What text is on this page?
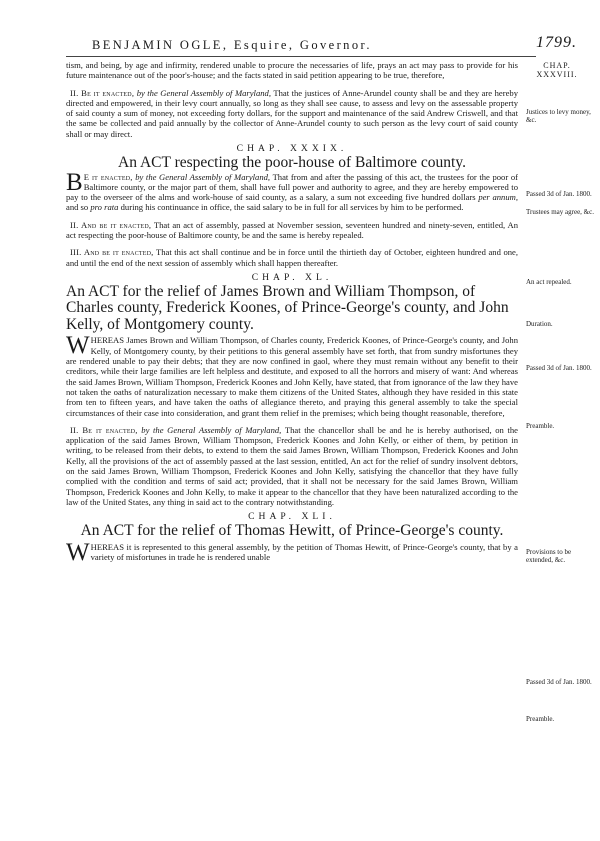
BENJAMIN OGLE, Esquire, Governor.	1799.
CHAP. XXXVIII.
Justices to levy money, &c.
Passed 3d of Jan. 1800.
Trustees may agree, &c.
An act repealed.
Duration.
Passed 3d of Jan. 1800.
Preamble.
Provisions to be extended, &c.
Passed 3d of Jan. 1800.
Preamble.

tism, and being, by age and infirmity, rendered unable to procure the necessaries of life, prays an act may pass to provide for his future maintenance out of the poor's-house; and the facts stated in said petition appearing to be true, therefore,

II. Be it enacted, by the General Assembly of Maryland, That the justices of Anne-Arundel county shall be and they are hereby directed and empowered, in their levy court annually, so long as they shall see cause, to assess and levy on the assessable property of said county a sum of money, not exceeding forty dollars, for the support and maintenance of the said Andrew Criswell, and that the same be collected and paid annually by the collector of Anne-Arundel county to such person as the levy court of said county shall or may direct.

CHAP. XXXIX.
An ACT respecting the poor-house of Baltimore county.

B E it enacted, by the General Assembly of Maryland, That from and after the passing of this act, the trustees for the poor of Baltimore county, or the major part of them, shall have full power and authority to agree, and they are hereby empowered to pay to the overseer of the alms and work-house of said county, as a salary, a sum not exceeding five hundred dollars per annum, and so pro rata during his continuance in office, the said salary to be in full for all services by him to be performed.

II. And be it enacted, That an act of assembly, passed at November session, seventeen hundred and ninety-seven, entitled, An act respecting the poor-house of Baltimore county, be and the same is hereby repealed.

III. And be it enacted, That this act shall continue and be in force until the thirtieth day of October, eighteen hundred and one, and until the end of the next session of assembly which shall happen thereafter.

CHAP. XL.
An ACT for the relief of James Brown and William Thompson, of Charles county, Frederick Koones, of Prince-George's county, and John Kelly, of Montgomery county.

WHEREAS James Brown and William Thompson, of Charles county, Frederick Koones, of Prince-George's county, and John Kelly, of Montgomery county, by their petitions to this general assembly have set forth, that from sundry misfortunes they are rendered unable to pay their debts; that they are now confined in gaol, where they must remain without any benefit to their creditors, while their large families are left helpless and destitute, and exposed to all the horrors and misery of want: And whereas the said James Brown, William Thompson, Frederick Koones and John Kelly, have stated, that from ignorance of the law they have not taken the oaths of naturalization necessary to make them citizens of the United States, although they have resided in this state from ten to fifteen years, and have taken the oaths of allegiance thereto, and praying this general assembly to take the special circumstances of their case into consideration, and grant them relief in the premises; which being thought reasonable, therefore,

II. Be it enacted, by the General Assembly of Maryland, That the chancellor shall be and he is hereby authorised, on the application of the said James Brown, William Thompson, Frederick Koones and John Kelly, or either of them, by petition in writing, to be released from their debts, to extend to them the said James Brown, William Thompson, Frederick Koones and John Kelly, all the provisions of the act of assembly passed at the last session, entitled, An act for the relief of sundry insolvent debtors, on the said James Brown, William Thompson, Frederick Koones and John Kelly, satisfying the chancellor that they have fully complied with the condition and terms of said act; provided, that it shall not be necessary for the said James Brown, William Thompson, Frederick Koones and John Kelly, to make it appear to the chancellor that they have been naturalized according to the law of the United States, any thing in said act to the contrary notwithstanding.

CHAP. XLI.
An ACT for the relief of Thomas Hewitt, of Prince-George's county.

WHEREAS it is represented to this general assembly, by the petition of Thomas Hewitt, of Prince-George's county, that by a variety of misfortunes in trade he is rendered unable
